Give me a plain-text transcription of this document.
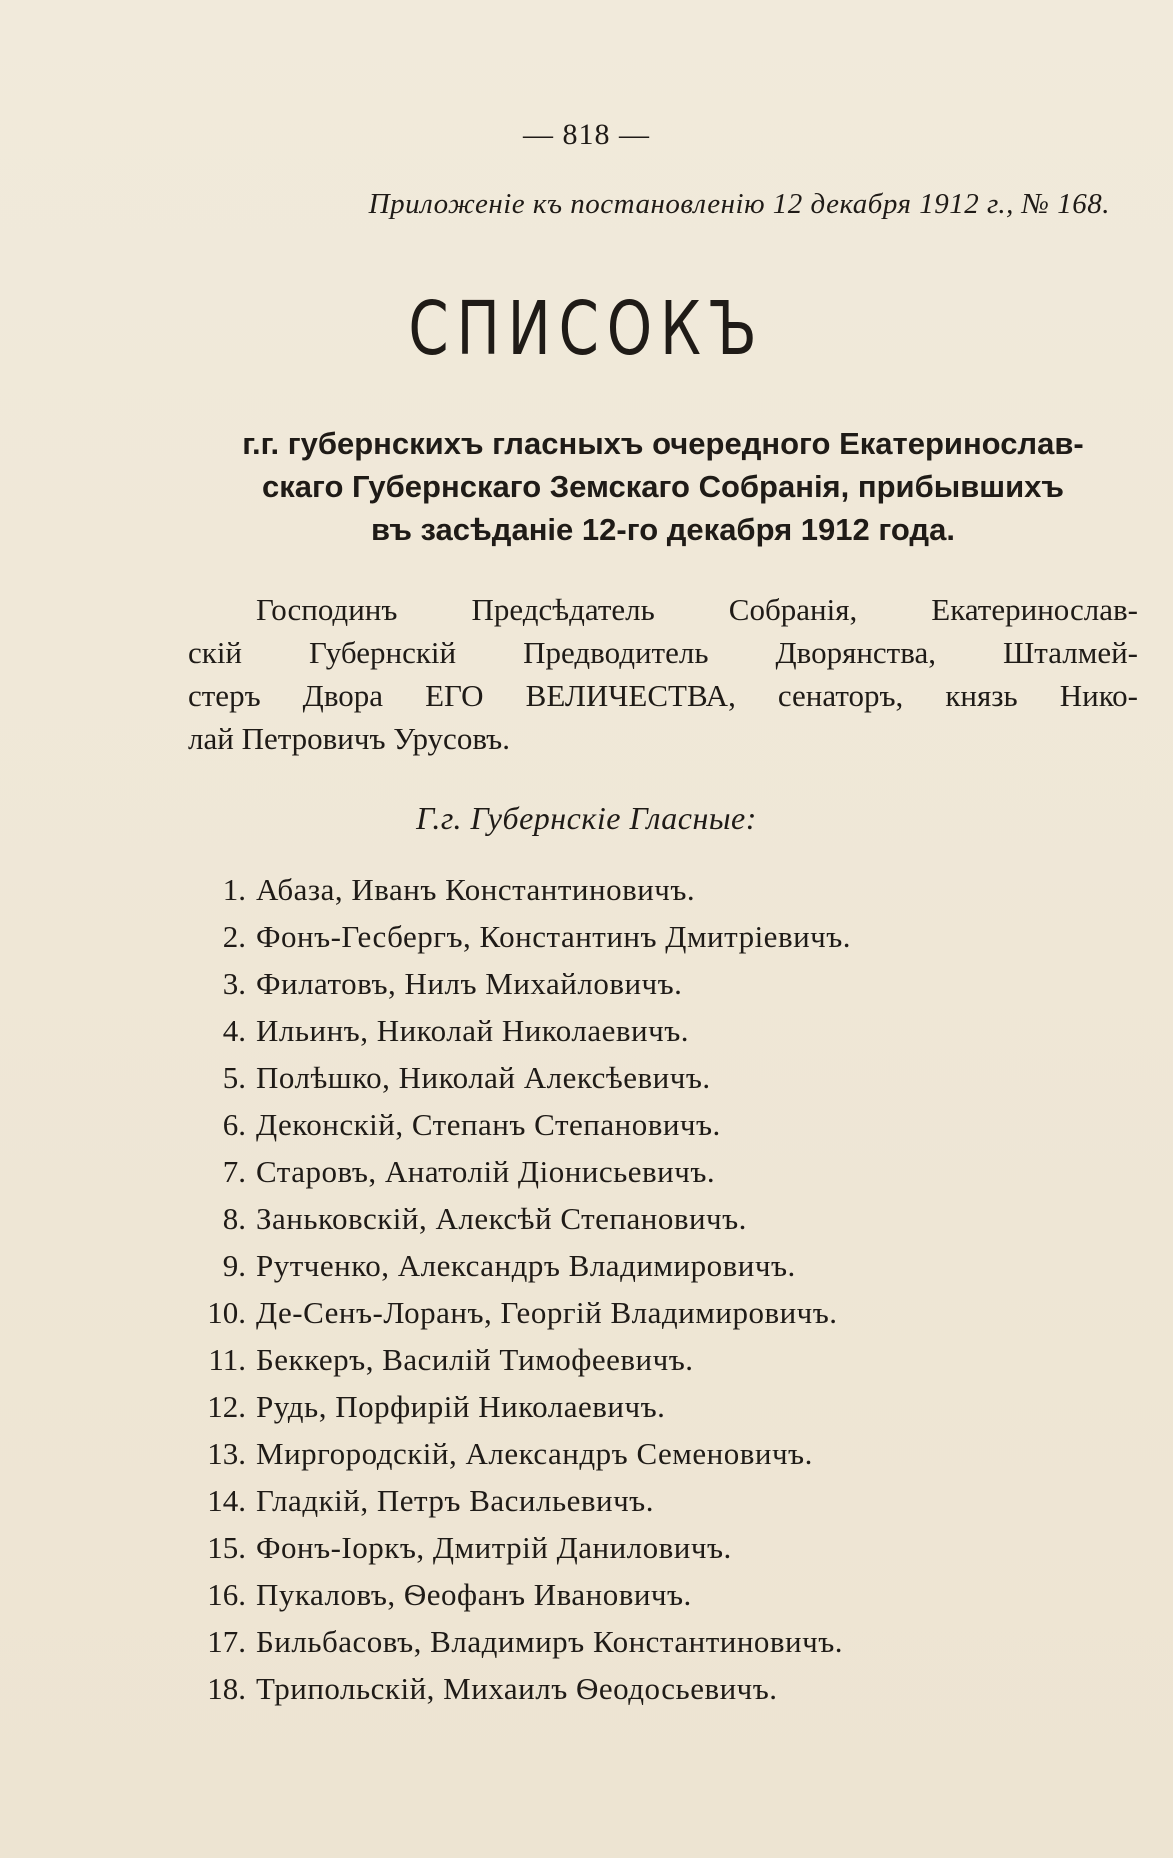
— 818 —
Приложенiе къ постановленiю 12 декабря 1912 г., № 168.
СПИСОКЪ

г.г. губернскихъ гласныхъ очередного Екатеринослав-

скаго Губернскаго Земскаго Собранiя, прибывшихъ

въ засѣданiе 12-го декабря 1912 года.

Господинъ Предсѣдатель Собранiя, Екатеринослав-
скiй Губернскiй Предводитель Дворянства, Шталмей-
стеръ Двора ЕГО ВЕЛИЧЕСТВА, сенаторъ, князь Нико-
лай Петровичъ Урусовъ.
Г.г. Губернскiе Гласные:
1. Абаза, Иванъ Константиновичъ.
2. Фонъ-Гесбергъ, Константинъ Дмитрiевичъ.
3. Филатовъ, Нилъ Михайловичъ.
4. Ильинъ, Николай Николаевичъ.
5. Полѣшко, Николай Алексѣевичъ.
6. Деконскiй, Степанъ Степановичъ.
7. Старовъ, Анатолiй Дiонисьевичъ.
8. Заньковскiй, Алексѣй Степановичъ.
9. Рутченко, Александръ Владимировичъ.
10. Де-Сенъ-Лоранъ, Георгiй Владимировичъ.
11. Беккеръ, Василiй Тимофеевичъ.
12. Рудь, Порфирiй Николаевичъ.
13. Миргородскiй, Александръ Семеновичъ.
14. Гладкiй, Петръ Васильевичъ.
15. Фонъ-Iоркъ, Дмитрiй Даниловичъ.
16. Пукаловъ, Ѳеофанъ Ивановичъ.
17. Бильбасовъ, Владимиръ Константиновичъ.
18. Трипольскiй, Михаилъ Ѳеодосьевичъ.
